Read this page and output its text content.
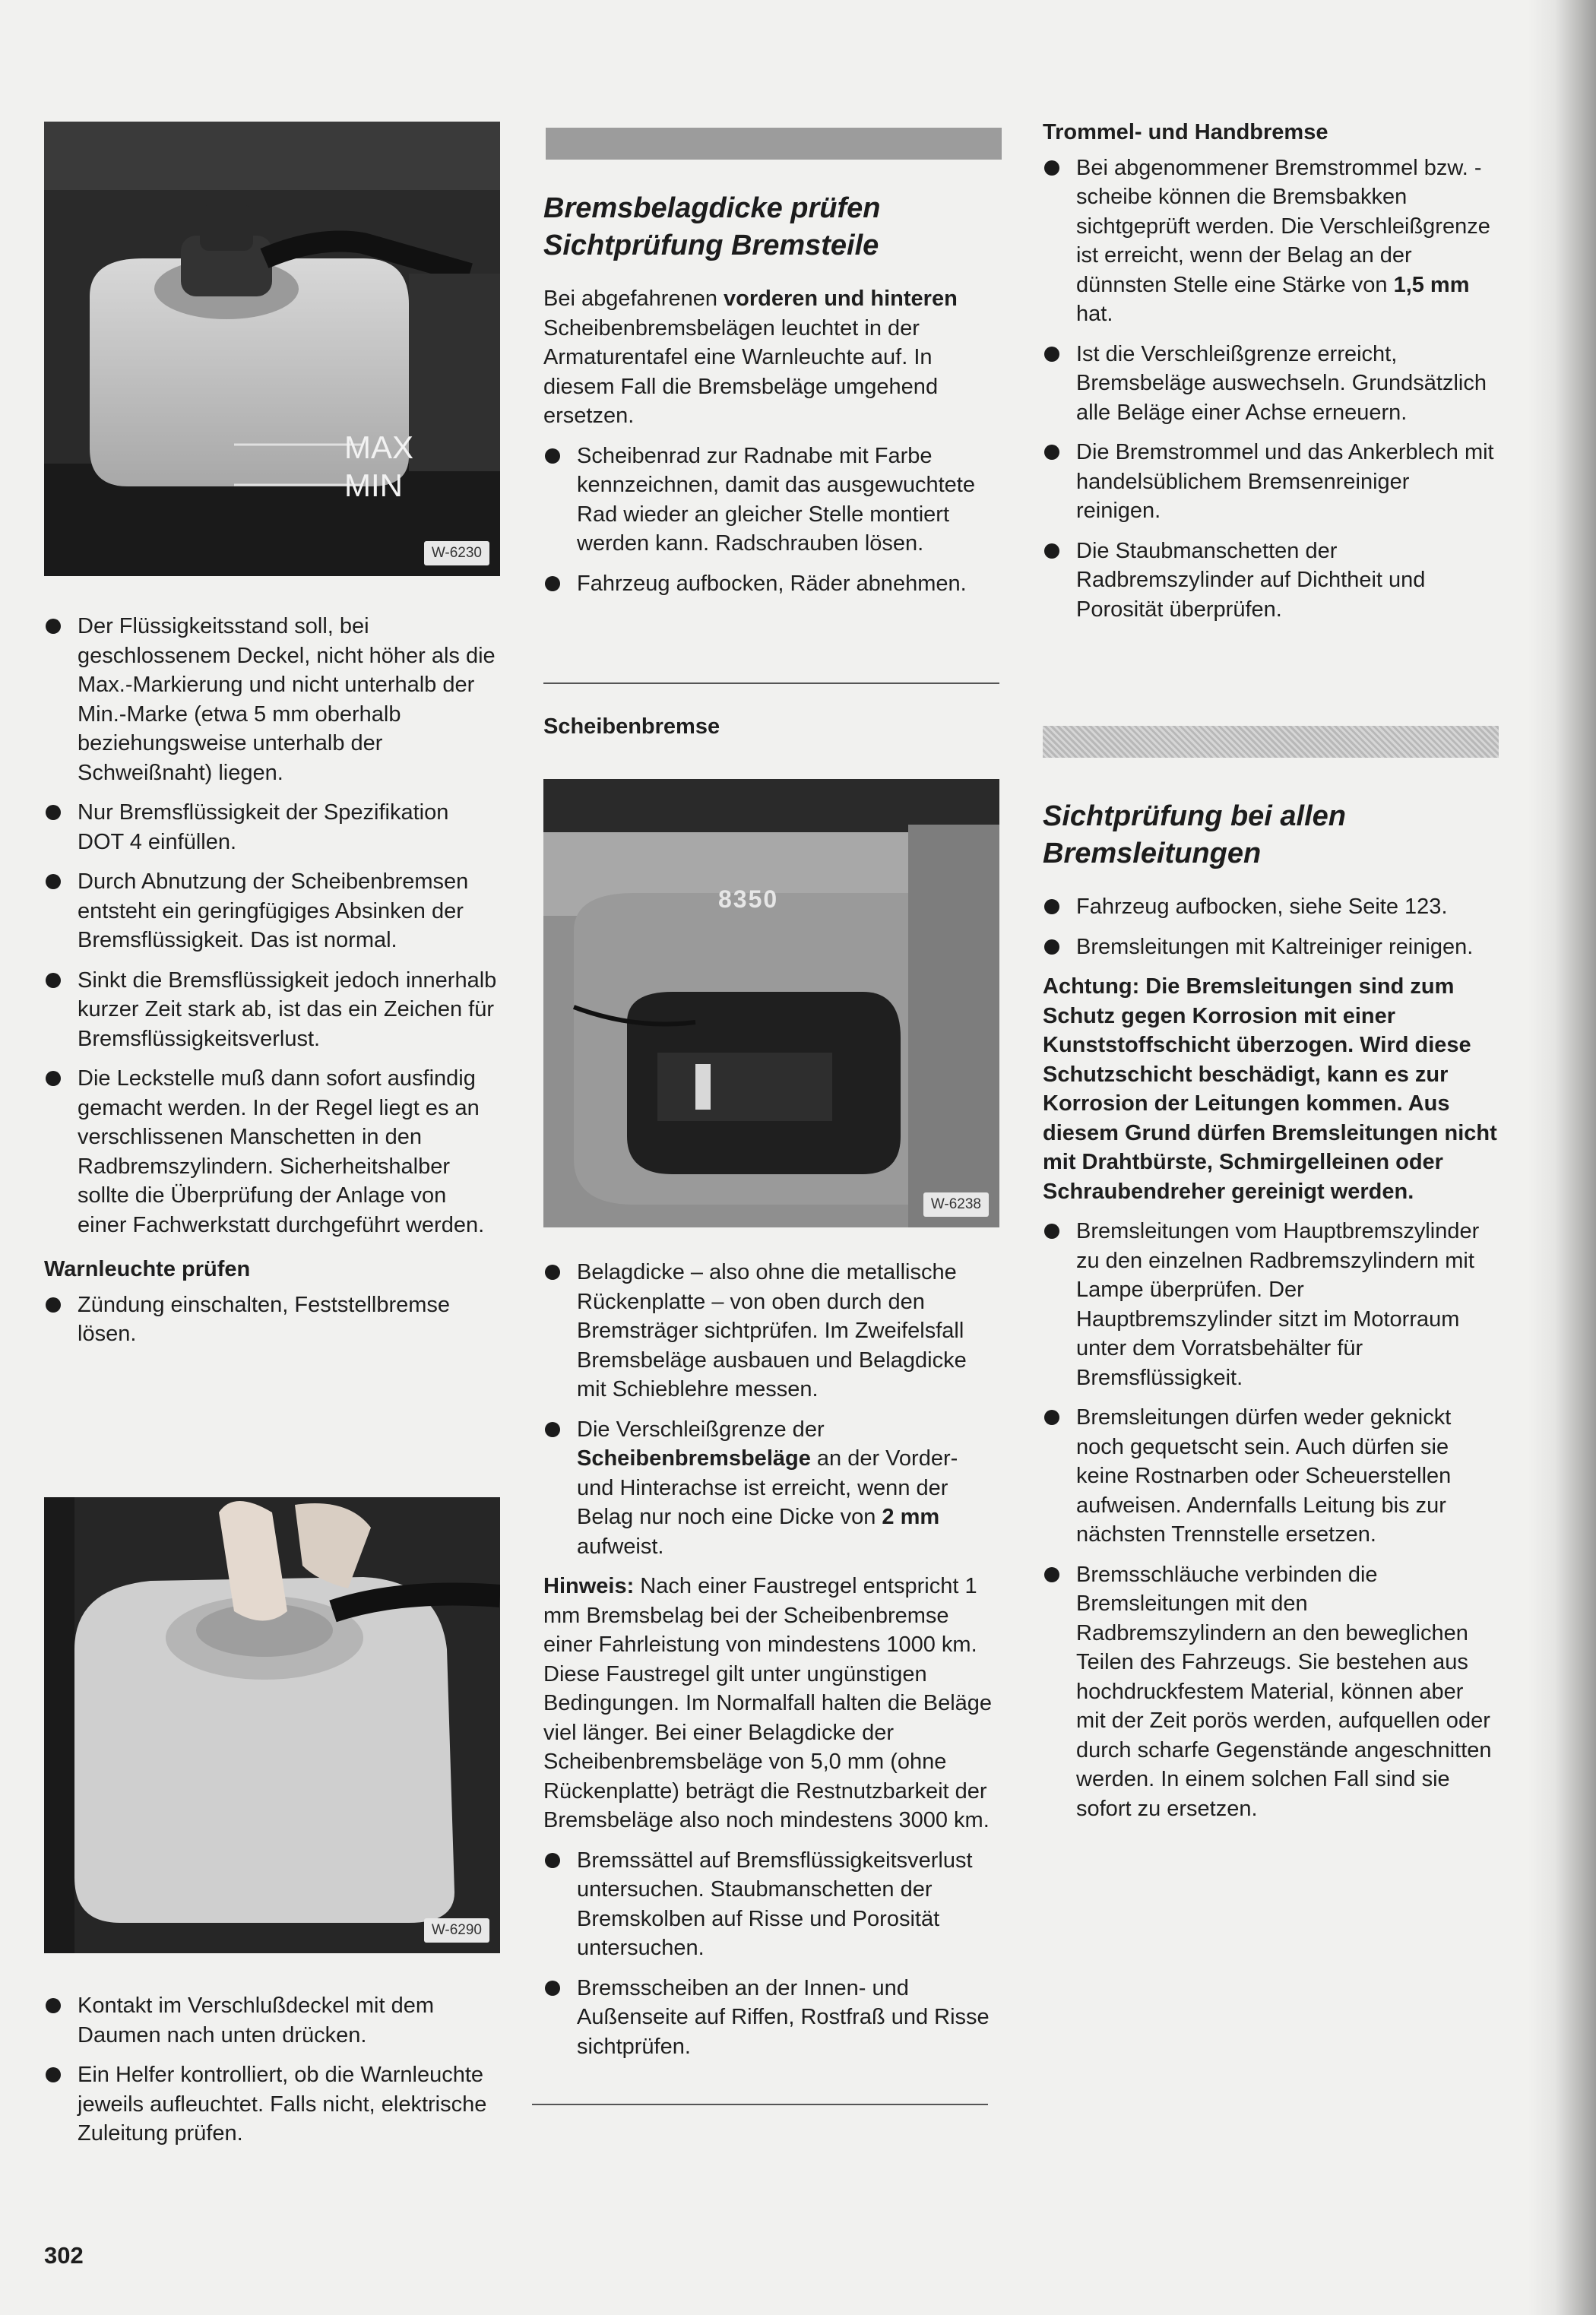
MAX
MIN
W-6230
Der Flüssigkeitsstand soll, bei geschlossenem Deckel, nicht höher als die Max.-Markierung und nicht unterhalb der Min.-Marke (etwa 5 mm oberhalb beziehungsweise unterhalb der Schweißnaht) liegen.
Nur Bremsflüssigkeit der Spezifikation DOT 4 einfüllen.
Durch Abnutzung der Scheibenbremsen entsteht ein geringfügiges Absinken der Bremsflüssigkeit. Das ist normal.
Sinkt die Bremsflüssigkeit jedoch innerhalb kurzer Zeit stark ab, ist das ein Zeichen für Bremsflüssigkeitsverlust.
Die Leckstelle muß dann sofort ausfindig gemacht werden. In der Regel liegt es an verschlissenen Manschetten in den Radbremszylindern. Sicherheitshalber sollte die Überprüfung der Anlage von einer Fachwerkstatt durchgeführt werden.
Warnleuchte prüfen
Zündung einschalten, Feststellbremse lösen.
W-6290
Kontakt im Verschlußdeckel mit dem Daumen nach unten drücken.
Ein Helfer kontrolliert, ob die Warnleuchte jeweils aufleuchtet. Falls nicht, elektrische Zuleitung prüfen.
Bremsbelagdicke prüfen
Sichtprüfung Bremsteile

Bei abgefahrenen vorderen und hinteren Scheibenbremsbelägen leuchtet in der Armaturentafel eine Warnleuchte auf. In diesem Fall die Bremsbeläge umgehend ersetzen.

Scheibenrad zur Radnabe mit Farbe kennzeichnen, damit das ausgewuchtete Rad wieder an gleicher Stelle montiert werden kann. Radschrauben lösen.
Fahrzeug aufbocken, Räder abnehmen.
Scheibenbremse
8350
W-6238
Belagdicke – also ohne die metallische Rückenplatte – von oben durch den Bremsträger sichtprüfen. Im Zweifelsfall Bremsbeläge ausbauen und Belagdicke mit Schieblehre messen.
Die Verschleißgrenze der Scheibenbremsbeläge an der Vorder- und Hinterachse ist erreicht, wenn der Belag nur noch eine Dicke von 2 mm aufweist.

Hinweis: Nach einer Faustregel entspricht 1 mm Bremsbelag bei der Scheibenbremse einer Fahrleistung von mindestens 1000 km. Diese Faustregel gilt unter ungünstigen Bedingungen. Im Normalfall halten die Beläge viel länger. Bei einer Belagdicke der Scheibenbremsbeläge von 5,0 mm (ohne Rückenplatte) beträgt die Restnutzbarkeit der Bremsbeläge also noch mindestens 3000 km.

Bremssättel auf Bremsflüssigkeitsverlust untersuchen. Staubmanschetten der Bremskolben auf Risse und Porosität untersuchen.
Bremsscheiben an der Innen- und Außenseite auf Riffen, Rostfraß und Risse sichtprüfen.
Trommel- und Handbremse
Bei abgenommener Bremstrommel bzw. -scheibe können die Bremsbakken sichtgeprüft werden. Die Verschleißgrenze ist erreicht, wenn der Belag an der dünnsten Stelle eine Stärke von 1,5 mm hat.
Ist die Verschleißgrenze erreicht, Bremsbeläge auswechseln. Grundsätzlich alle Beläge einer Achse erneuern.
Die Bremstrommel und das Ankerblech mit handelsüblichem Bremsenreiniger reinigen.
Die Staubmanschetten der Radbremszylinder auf Dichtheit und Porosität überprüfen.
Sichtprüfung bei allen
Bremsleitungen
Fahrzeug aufbocken, siehe Seite 123.
Bremsleitungen mit Kaltreiniger reinigen.

Achtung: Die Bremsleitungen sind zum Schutz gegen Korrosion mit einer Kunststoffschicht überzogen. Wird diese Schutzschicht beschädigt, kann es zur Korrosion der Leitungen kommen. Aus diesem Grund dürfen Bremsleitungen nicht mit Drahtbürste, Schmirgelleinen oder Schraubendreher gereinigt werden.

Bremsleitungen vom Hauptbremszylinder zu den einzelnen Radbremszylindern mit Lampe überprüfen. Der Hauptbremszylinder sitzt im Motorraum unter dem Vorratsbehälter für Bremsflüssigkeit.
Bremsleitungen dürfen weder geknickt noch gequetscht sein. Auch dürfen sie keine Rostnarben oder Scheuerstellen aufweisen. Andernfalls Leitung bis zur nächsten Trennstelle ersetzen.
Bremsschläuche verbinden die Bremsleitungen mit den Radbremszylindern an den beweglichen Teilen des Fahrzeugs. Sie bestehen aus hochdruckfestem Material, können aber mit der Zeit porös werden, aufquellen oder durch scharfe Gegenstände angeschnitten werden. In einem solchen Fall sind sie sofort zu ersetzen.
302
